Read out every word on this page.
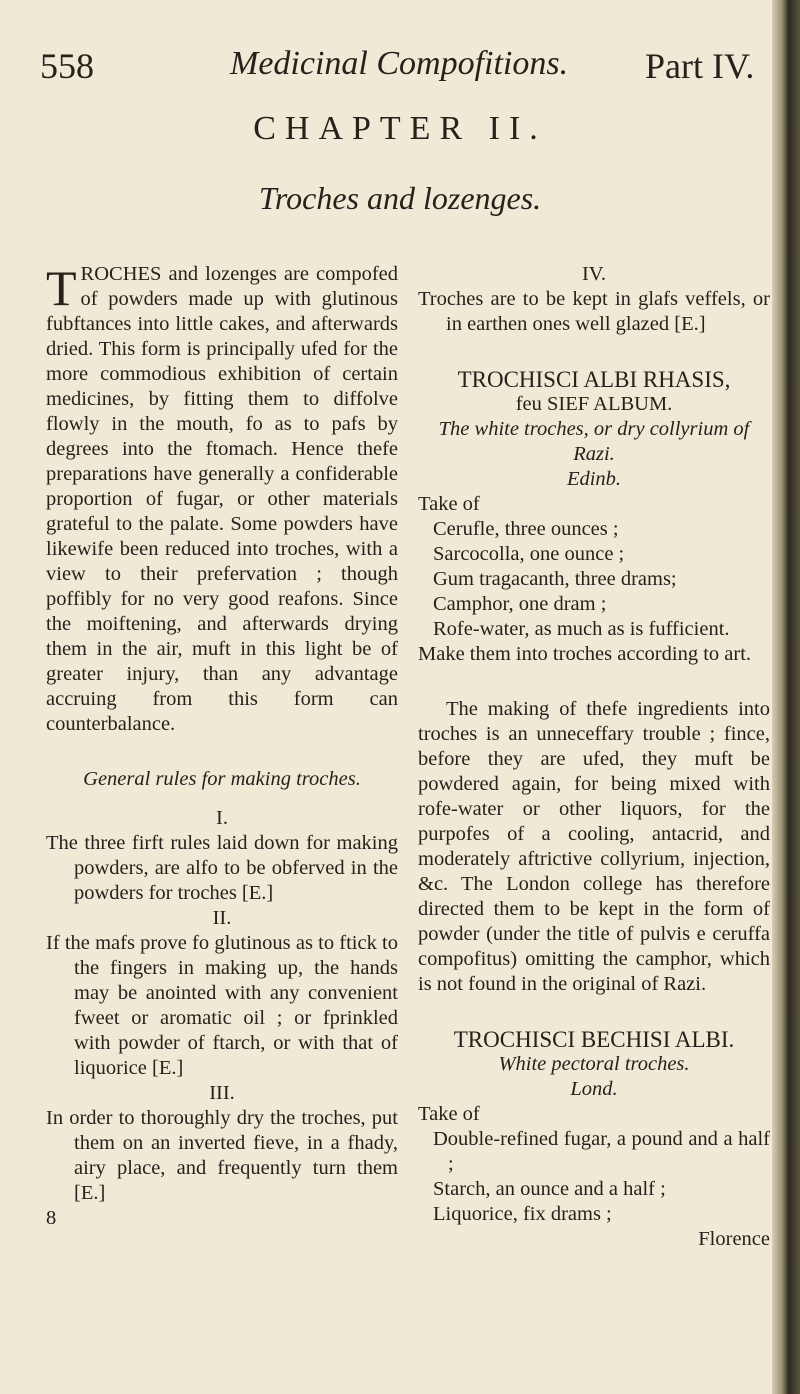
558	Medicinal Compofitions. Part IV.
CHAPTER II.
Troches and lozenges.

TROCHES and lozenges are compofed of powders made up with glutinous fubftances into little cakes, and afterwards dried. This form is principally ufed for the more commodious exhibition of certain medicines, by fitting them to diffolve flowly in the mouth, fo as to pafs by degrees into the ftomach. Hence thefe preparations have generally a confiderable proportion of fugar, or other materials grateful to the palate. Some powders have likewife been reduced into troches, with a view to their prefervation ; though poffibly for no very good reafons. Since the moiftening, and afterwards drying them in the air, muft in this light be of greater injury, than any advantage accruing from this form can counterbalance.

General rules for making troches.

I.

The three firft rules laid down for making powders, are alfo to be obferved in the powders for troches [E.]

II.

If the mafs prove fo glutinous as to ftick to the fingers in making up, the hands may be anointed with any convenient fweet or aromatic oil ; or fprinkled with powder of ftarch, or with that of liquorice [E.]

III.

In order to thoroughly dry the troches, put them on an inverted fieve, in a fhady, airy place, and frequently turn them [E.]

8

IV.

Troches are to be kept in glafs veffels, or in earthen ones well glazed [E.]

TROCHISCI ALBI RHASIS,

feu SIEF ALBUM.

The white troches, or dry collyrium of Razi.

Edinb.

Take of

Cerufle, three ounces ;

Sarcocolla, one ounce ;

Gum tragacanth, three drams;

Camphor, one dram ;

Rofe-water, as much as is fufficient.

Make them into troches according to art.

The making of thefe ingredients into troches is an unneceffary trouble ; fince, before they are ufed, they muft be powdered again, for being mixed with rofe-water or other liquors, for the purpofes of a cooling, antacrid, and moderately aftrictive collyrium, injection, &c. The London college has therefore directed them to be kept in the form of powder (under the title of pulvis e ceruffa compofitus) omitting the camphor, which is not found in the original of Razi.

TROCHISCI BECHISI ALBI.

White pectoral troches.

Lond.

Take of

Double-refined fugar, a pound and a half ;

Starch, an ounce and a half ;

Liquorice, fix drams ;

Florence
